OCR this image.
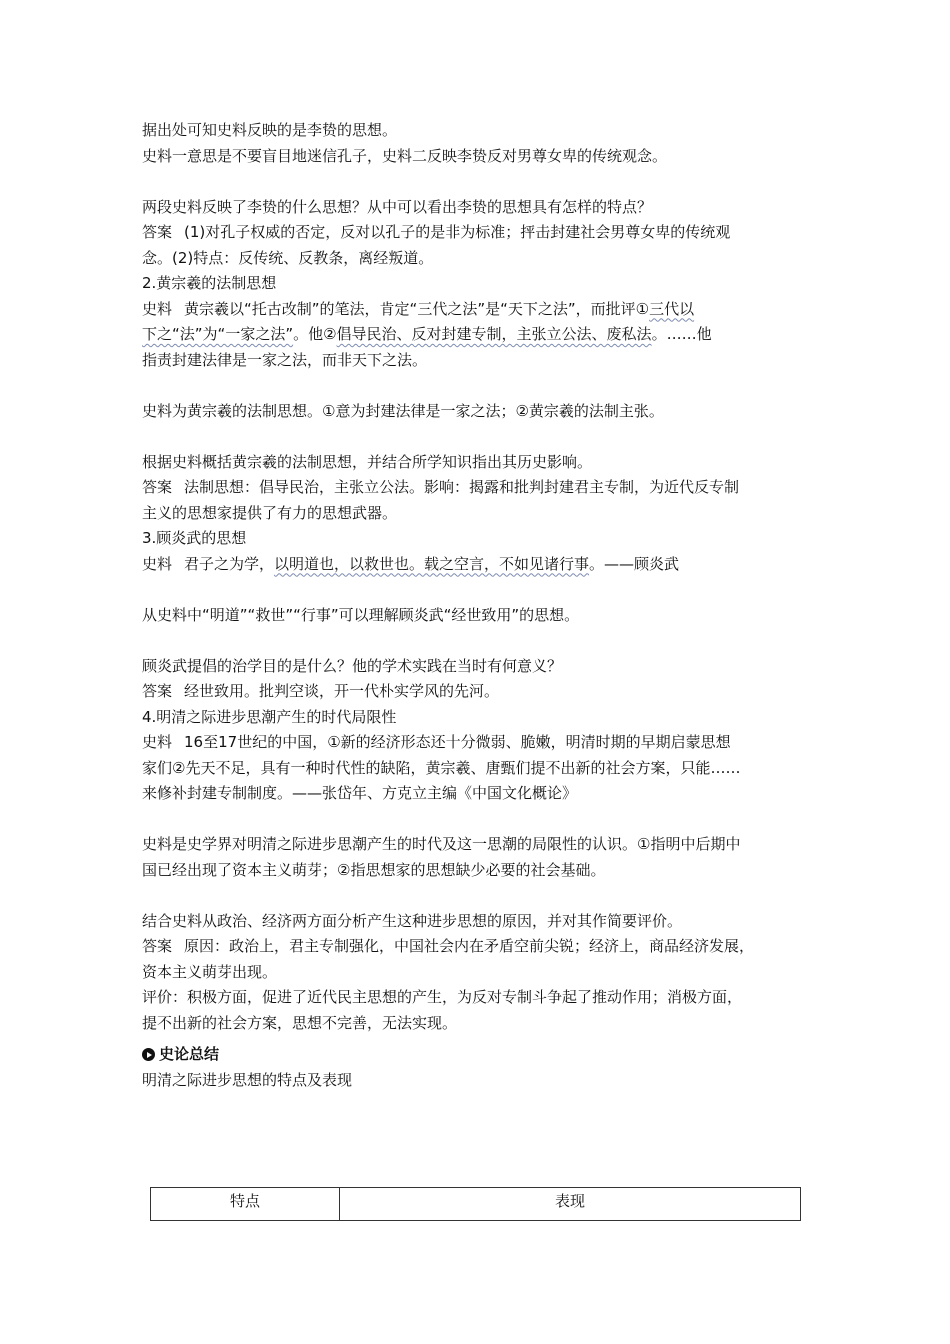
据出处可知史料反映的是李贽的思想。
史料一意思是不要盲目地迷信孔子，史料二反映李贽反对男尊女卑的传统观念。
两段史料反映了李贽的什么思想？从中可以看出李贽的思想具有怎样的特点？
答案 (1)对孔子权威的否定，反对以孔子的是非为标准；抨击封建社会男尊女卑的传统观
念。(2)特点：反传统、反教条，离经叛道。
2.黄宗羲的法制思想
史料 黄宗羲以“托古改制”的笔法，肯定“三代之法”是“天下之法”，而批评①三代以
下之“法”为“一家之法”。他②倡导民治、反对封建专制，主张立公法、废私法。……他
指责封建法律是一家之法，而非天下之法。
史料为黄宗羲的法制思想。①意为封建法律是一家之法；②黄宗羲的法制主张。
根据史料概括黄宗羲的法制思想，并结合所学知识指出其历史影响。
答案 法制思想：倡导民治，主张立公法。影响：揭露和批判封建君主专制，为近代反专制
主义的思想家提供了有力的思想武器。
3.顾炎武的思想
史料 君子之为学，以明道也，以救世也。载之空言，不如见诸行事。——顾炎武
从史料中“明道”“救世”“行事”可以理解顾炎武“经世致用”的思想。
顾炎武提倡的治学目的是什么？他的学术实践在当时有何意义？
答案 经世致用。批判空谈，开一代朴实学风的先河。
4.明清之际进步思潮产生的时代局限性
史料 16至17世纪的中国，①新的经济形态还十分微弱、脆嫩，明清时期的早期启蒙思想
家们②先天不足，具有一种时代性的缺陷，黄宗羲、唐甄们提不出新的社会方案，只能……
来修补封建专制制度。——张岱年、方克立主编《中国文化概论》
史料是史学界对明清之际进步思潮产生的时代及这一思潮的局限性的认识。①指明中后期中
国已经出现了资本主义萌芽；②指思想家的思想缺少必要的社会基础。
结合史料从政治、经济两方面分析产生这种进步思想的原因，并对其作简要评价。
答案 原因：政治上，君主专制强化，中国社会内在矛盾空前尖锐；经济上，商品经济发展，
资本主义萌芽出现。
评价：积极方面，促进了近代民主思想的产生，为反对专制斗争起了推动作用；消极方面，
提不出新的社会方案，思想不完善，无法实现。
史论总结
明清之际进步思想的特点及表现
特点	表现
